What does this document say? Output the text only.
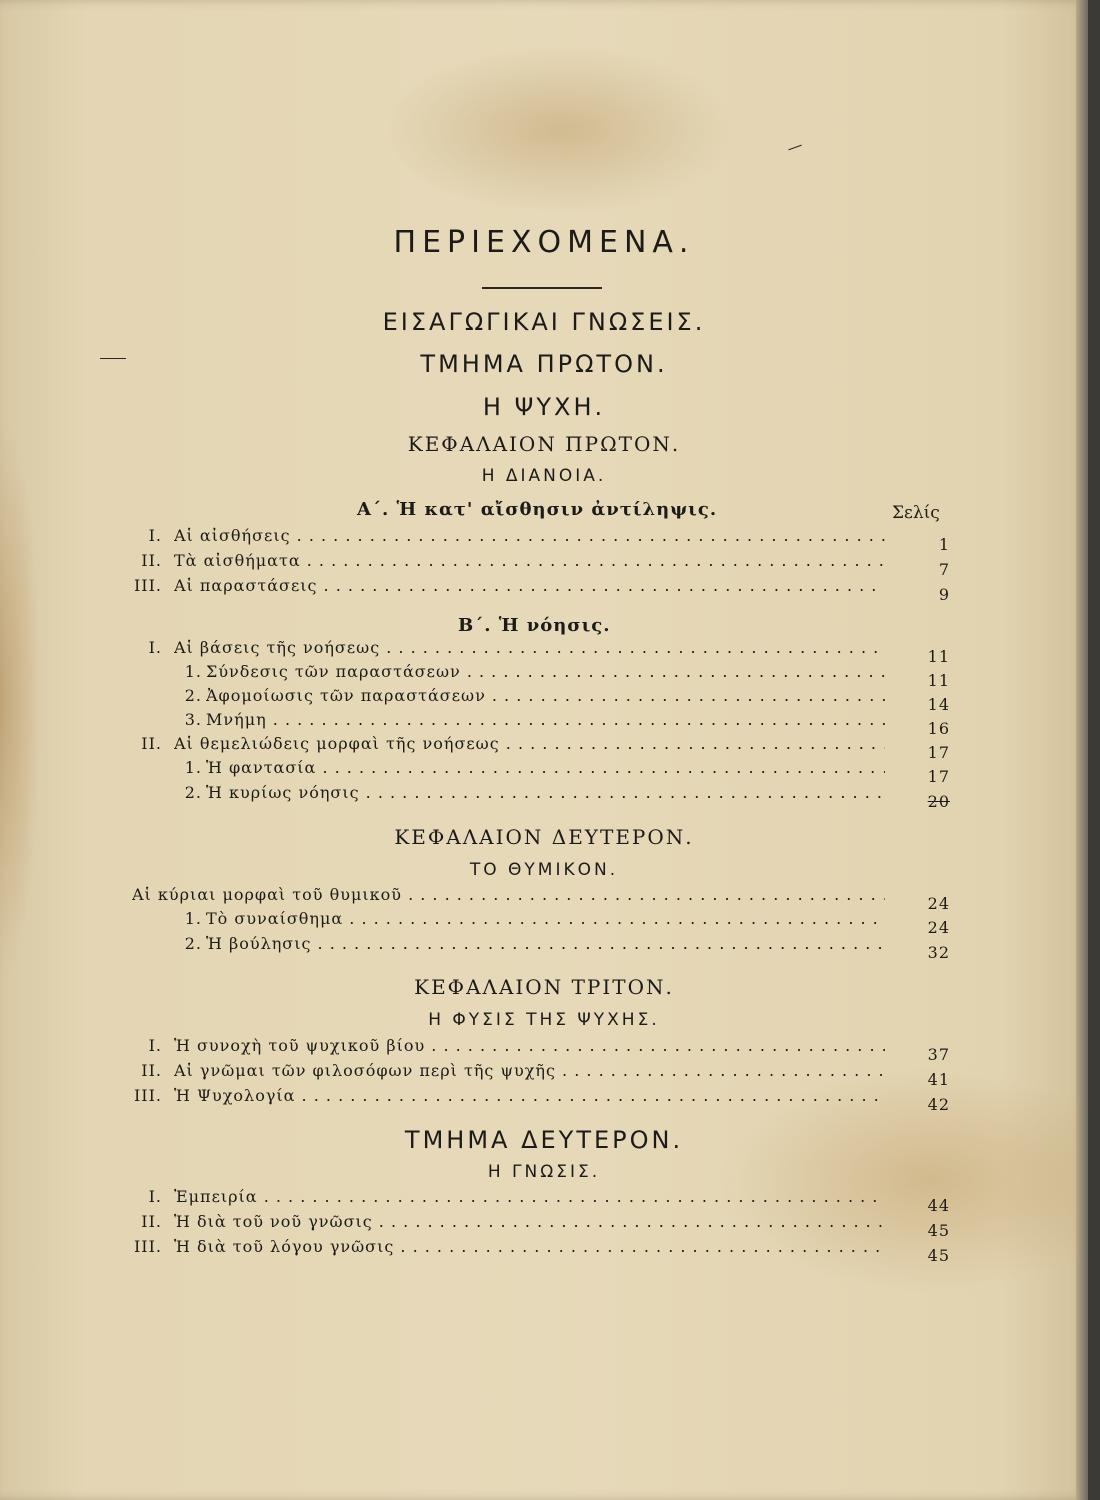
ΠΕΡΙΕΧΟΜΕΝΑ.
ΕΙΣΑΓΩΓΙΚΑΙ ΓΝΩΣΕΙΣ.
ΤΜΗΜΑ ΠΡΩΤΟΝ.
Η ΨΥΧΗ.
ΚΕΦΑΛΑΙΟΝ ΠΡΩΤΟΝ.
Η ΔΙΑΝΟΙΑ.
Α΄. Ἡ κατ' αἴσθησιν ἀντίληψις.	Σελίς
I. Αἱ αἰσθήσεις . . .	1
II. Τὰ αἰσθήματα . . .	7
III. Αἱ παραστάσεις . . .	9
Β΄. Ἡ νόησις.
I. Αἱ βάσεις τῆς νοήσεως . . .	11
1. Σύνδεσις τῶν παραστάσεων . . .	11
2. Ἀφομοίωσις τῶν παραστάσεων . . .	14
3. Μνήμη . . .	16
II. Αἱ θεμελιώδεις μορφαὶ τῆς νοήσεως . . .	17
1. Ἡ φαντασία . . .	17
2. Ἡ κυρίως νόησις . . .	20
ΚΕΦΑΛΑΙΟΝ ΔΕΥΤΕΡΟΝ.
ΤΟ ΘΥΜΙΚΟΝ.
Αἱ κύριαι μορφαὶ τοῦ θυμικοῦ . . .	24
1. Τὸ συναίσθημα . . .	24
2. Ἡ βούλησις . . .	32
ΚΕΦΑΛΑΙΟΝ ΤΡΙΤΟΝ.
Η ΦΥΣΙΣ ΤΗΣ ΨΥΧΗΣ.
I. Ἡ συνοχὴ τοῦ ψυχικοῦ βίου . . .	37
II. Αἱ γνῶμαι τῶν φιλοσόφων περὶ τῆς ψυχῆς . . .	41
III. Ἡ Ψυχολογία . . .	42
ΤΜΗΜΑ ΔΕΥΤΕΡΟΝ.
Η ΓΝΩΣΙΣ.
I. Ἐμπειρία . . .	44
II. Ἡ διὰ τοῦ νοῦ γνῶσις . . .	45
III. Ἡ διὰ τοῦ λόγου γνῶσις . . .	45
